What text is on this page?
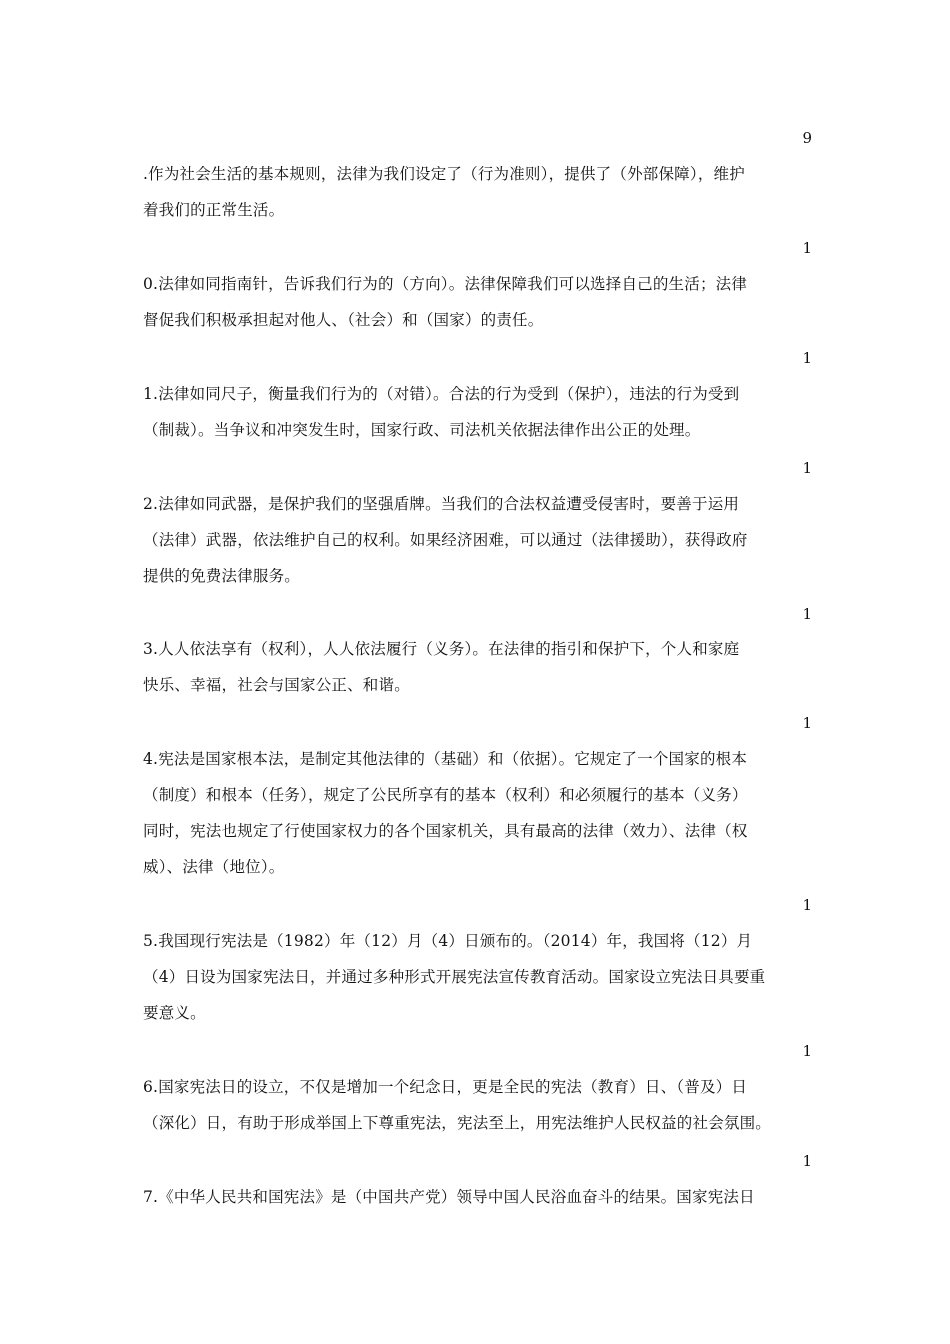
9
.作为社会生活的基本规则，法律为我们设定了（行为准则），提供了（外部保障），维护
着我们的正常生活。
1
0.法律如同指南针，告诉我们行为的（方向）。法律保障我们可以选择自己的生活；法律
督促我们积极承担起对他人、（社会）和（国家）的责任。
1
1.法律如同尺子，衡量我们行为的（对错）。合法的行为受到（保护），违法的行为受到
（制裁）。当争议和冲突发生时，国家行政、司法机关依据法律作出公正的处理。
1
2.法律如同武器，是保护我们的坚强盾牌。当我们的合法权益遭受侵害时，要善于运用
（法律）武器，依法维护自己的权利。如果经济困难，可以通过（法律援助），获得政府
提供的免费法律服务。
1
3.人人依法享有（权利），人人依法履行（义务）。在法律的指引和保护下，个人和家庭
快乐、幸福，社会与国家公正、和谐。
1
4.宪法是国家根本法，是制定其他法律的（基础）和（依据）。它规定了一个国家的根本
（制度）和根本（任务），规定了公民所享有的基本（权利）和必须履行的基本（义务）
同时，宪法也规定了行使国家权力的各个国家机关，具有最高的法律（效力）、法律（权
威）、法律（地位）。
1
5.我国现行宪法是（1982）年（12）月（4）日颁布的。（2014）年，我国将（12）月
（4）日设为国家宪法日，并通过多种形式开展宪法宣传教育活动。国家设立宪法日具要重
要意义。
1
6.国家宪法日的设立，不仅是增加一个纪念日，更是全民的宪法（教育）日、（普及）日
（深化）日，有助于形成举国上下尊重宪法，宪法至上，用宪法维护人民权益的社会氛围。
1
7.《中华人民共和国宪法》是（中国共产党）领导中国人民浴血奋斗的结果。国家宪法日
